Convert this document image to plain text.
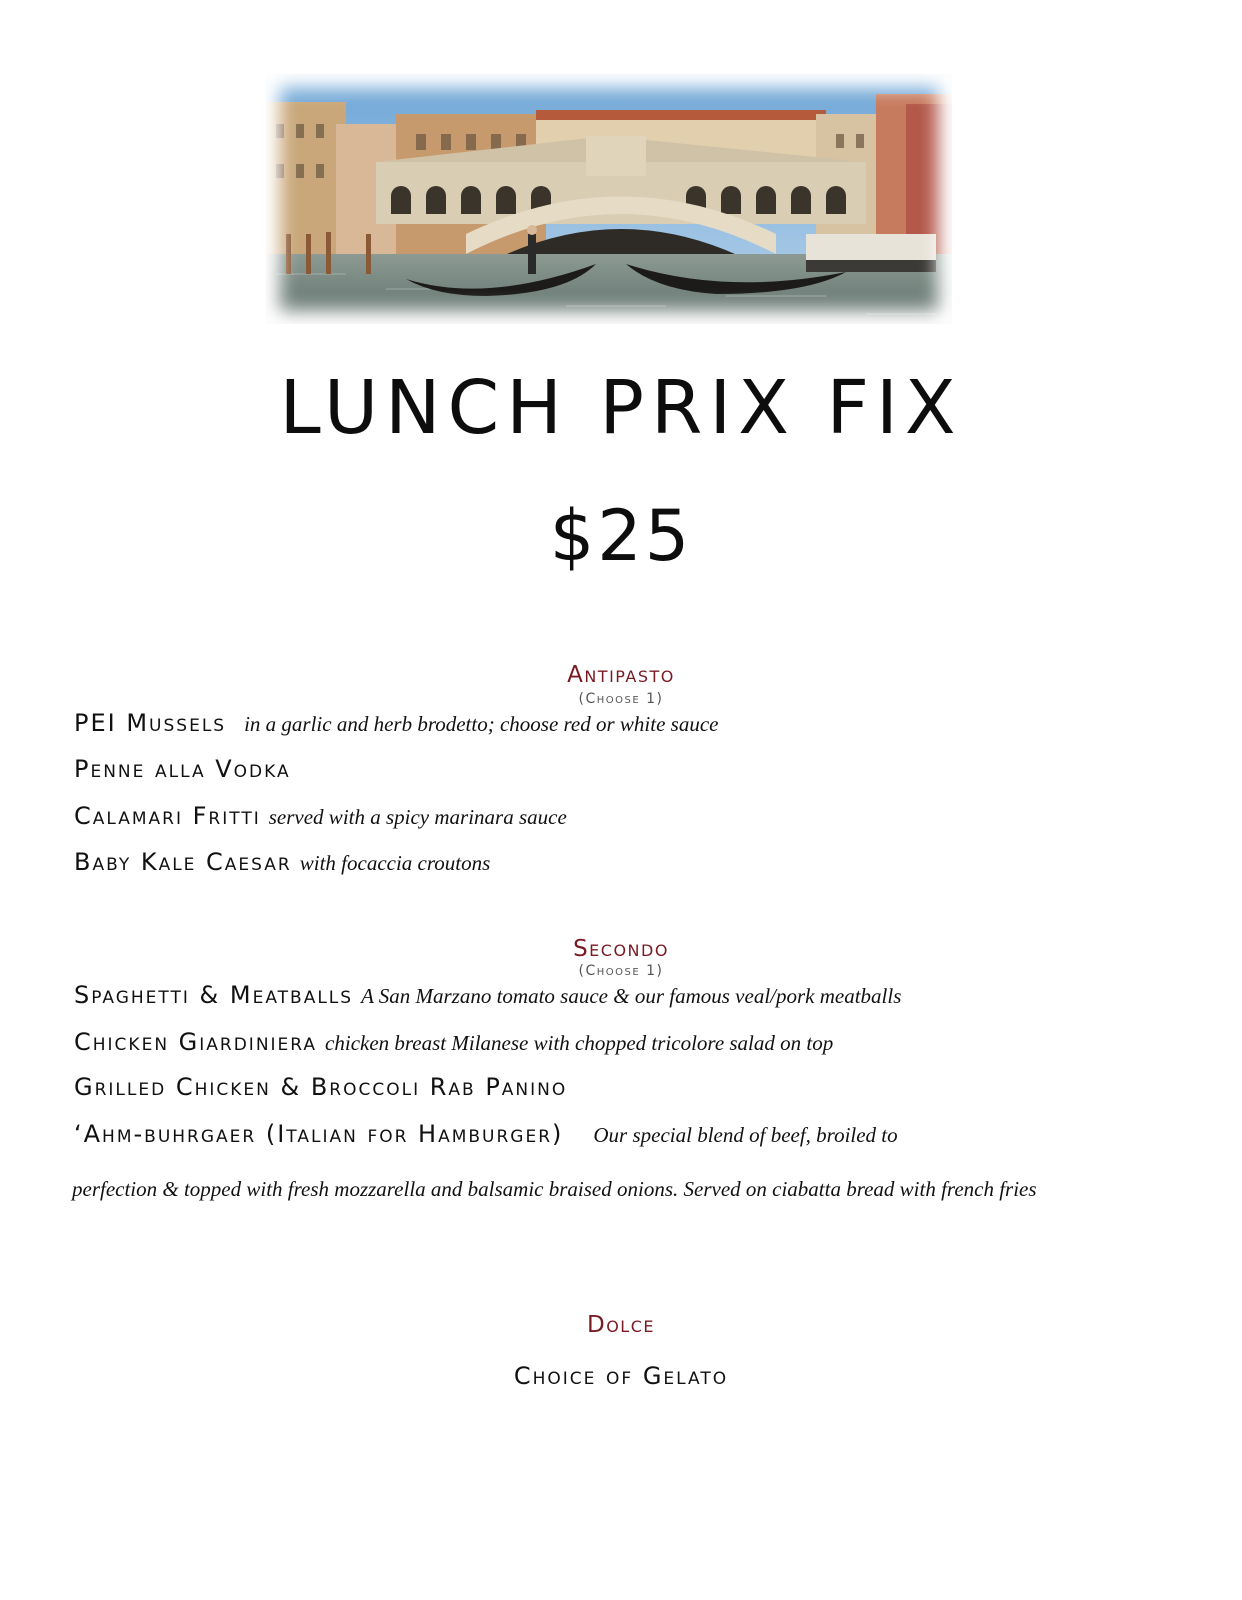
LUNCH PRIX FIX
$25
Antipasto
(Choose 1)
PEI Mussels in a garlic and herb brodetto; choose red or white sauce
Penne alla Vodka
Calamari Fritti served with a spicy marinara sauce
Baby Kale Caesar with focaccia croutons
Secondo
(Choose 1)
Spaghetti & Meatballs A San Marzano tomato sauce & our famous veal/pork meatballs
Chicken Giardiniera chicken breast Milanese with chopped tricolore salad on top
Grilled Chicken & Broccoli Rab Panino
‘Ahm-buhrgaer (Italian for Hamburger) Our special blend of beef, broiled to
perfection & topped with fresh mozzarella and balsamic braised onions. Served on ciabatta bread with french fries
Dolce
Choice of Gelato
